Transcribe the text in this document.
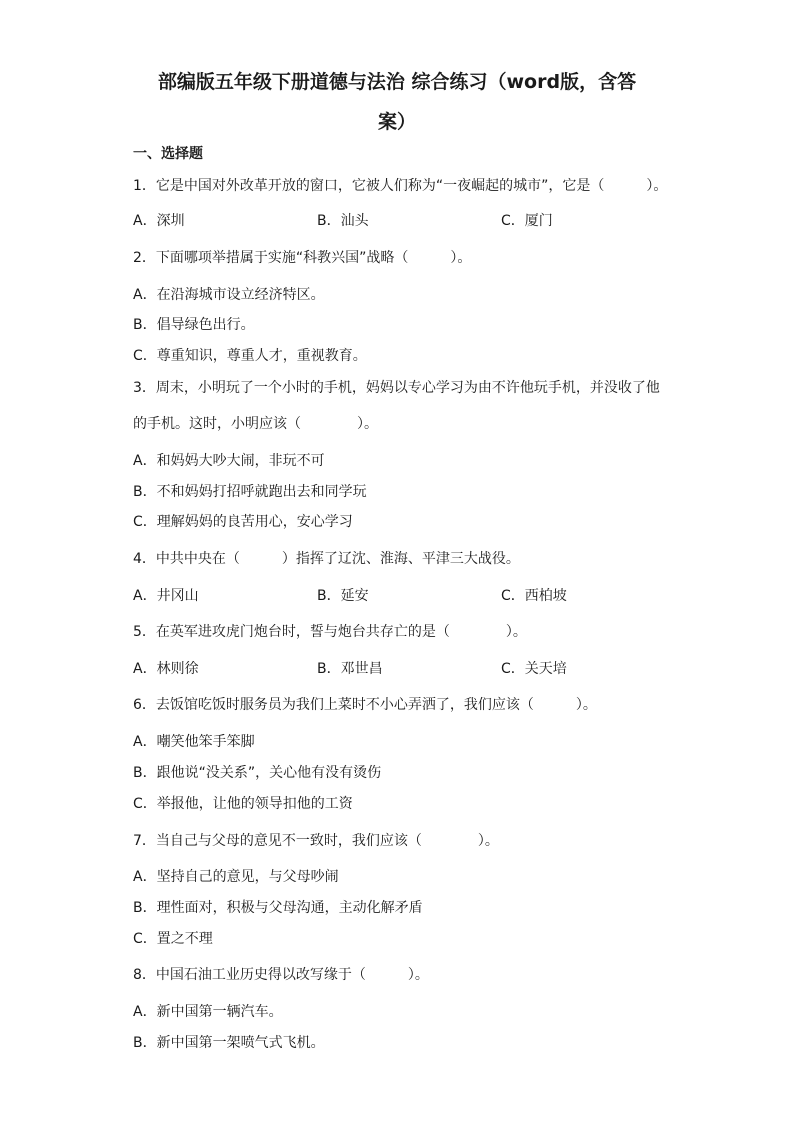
部编版五年级下册道德与法治 综合练习（word版，含答
案）
一、选择题

1．它是中国对外改革开放的窗口，它被人们称为“一夜崛起的城市”，它是（　　　）。

A．深圳	B．汕头	C．厦门

2．下面哪项举措属于实施“科教兴国”战略（　　　）。

A．在沿海城市设立经济特区。

B．倡导绿色出行。

C．尊重知识，尊重人才，重视教育。

3．周末，小明玩了一个小时的手机，妈妈以专心学习为由不许他玩手机，并没收了他

的手机。这时，小明应该（　　　　）。

A．和妈妈大吵大闹，非玩不可

B．不和妈妈打招呼就跑出去和同学玩

C．理解妈妈的良苦用心，安心学习

4．中共中央在（　　　）指挥了辽沈、淮海、平津三大战役。

A．井冈山	B．延安	C．西柏坡

5．在英军进攻虎门炮台时，誓与炮台共存亡的是（　　　　）。

A．林则徐	B．邓世昌	C．关天培

6．去饭馆吃饭时服务员为我们上菜时不小心弄洒了，我们应该（　　　）。

A．嘲笑他笨手笨脚

B．跟他说“没关系”，关心他有没有烫伤

C．举报他，让他的领导扣他的工资

7．当自己与父母的意见不一致时，我们应该（　　　　）。

A．坚持自己的意见，与父母吵闹

B．理性面对，积极与父母沟通，主动化解矛盾

C．置之不理

8．中国石油工业历史得以改写缘于（　　　）。

A．新中国第一辆汽车。

B．新中国第一架喷气式飞机。
